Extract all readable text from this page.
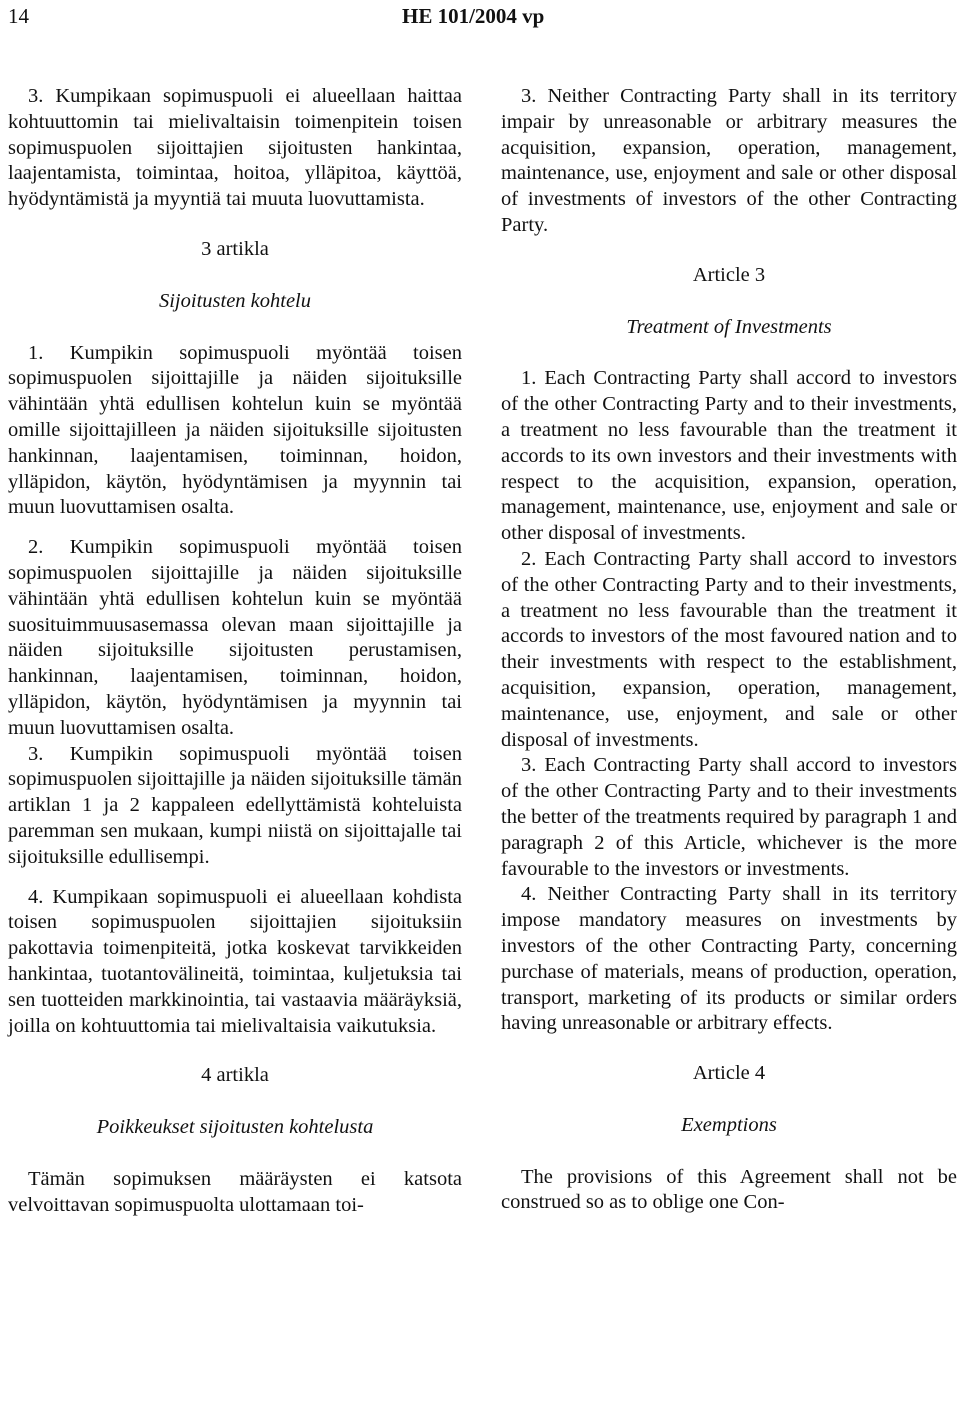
14	HE 101/2004 vp

3. Kumpikaan sopimuspuoli ei alueellaan haittaa kohtuuttomin tai mielivaltaisin toimenpitein toisen sopimuspuolen sijoittajien sijoitusten hankintaa, laajentamista, toimintaa, hoitoa, ylläpitoa, käyttöä, hyödyntämistä ja myyntiä tai muuta luovuttamista.

3 artikla

Sijoitusten kohtelu

1. Kumpikin sopimuspuoli myöntää toisen sopimuspuolen sijoittajille ja näiden sijoituksille vähintään yhtä edullisen kohtelun kuin se myöntää omille sijoittajilleen ja näiden sijoituksille sijoitusten hankinnan, laajentamisen, toiminnan, hoidon, ylläpidon, käytön, hyödyntämisen ja myynnin tai muun luovuttamisen osalta.

2. Kumpikin sopimuspuoli myöntää toisen sopimuspuolen sijoittajille ja näiden sijoituksille vähintään yhtä edullisen kohtelun kuin se myöntää suosituimmuusasemassa olevan maan sijoittajille ja näiden sijoituksille sijoitusten perustamisen, hankinnan, laajentamisen, toiminnan, hoidon, ylläpidon, käytön, hyödyntämisen ja myynnin tai muun luovuttamisen osalta.

3. Kumpikin sopimuspuoli myöntää toisen sopimuspuolen sijoittajille ja näiden sijoituksille tämän artiklan 1 ja 2 kappaleen edellyttämistä kohteluista paremman sen mukaan, kumpi niistä on sijoittajalle tai sijoituksille edullisempi.

4. Kumpikaan sopimuspuoli ei alueellaan kohdista toisen sopimuspuolen sijoittajien sijoituksiin pakottavia toimenpiteitä, jotka koskevat tarvikkeiden hankintaa, tuotantovälineitä, toimintaa, kuljetuksia tai sen tuotteiden markkinointia, tai vastaavia määräyksiä, joilla on kohtuuttomia tai mielivaltaisia vaikutuksia.

4 artikla

Poikkeukset sijoitusten kohtelusta

Tämän sopimuksen määräysten ei katsota velvoittavan sopimuspuolta ulottamaan toi-

3. Neither Contracting Party shall in its territory impair by unreasonable or arbitrary measures the acquisition, expansion, operation, management, maintenance, use, enjoyment and sale or other disposal of investments of investors of the other Contracting Party.

Article 3

Treatment of Investments

1. Each Contracting Party shall accord to investors of the other Contracting Party and to their investments, a treatment no less favourable than the treatment it accords to its own investors and their investments with respect to the acquisition, expansion, operation, management, maintenance, use, enjoyment and sale or other disposal of investments.

2. Each Contracting Party shall accord to investors of the other Contracting Party and to their investments, a treatment no less favourable than the treatment it accords to investors of the most favoured nation and to their investments with respect to the establishment, acquisition, expansion, operation, management, maintenance, use, enjoyment, and sale or other disposal of investments.

3. Each Contracting Party shall accord to investors of the other Contracting Party and to their investments the better of the treatments required by paragraph 1 and paragraph 2 of this Article, whichever is the more favourable to the investors or investments.

4. Neither Contracting Party shall in its territory impose mandatory measures on investments by investors of the other Contracting Party, concerning purchase of materials, means of production, operation, transport, marketing of its products or similar orders having unreasonable or arbitrary effects.

Article 4

Exemptions

The provisions of this Agreement shall not be construed so as to oblige one Con-
